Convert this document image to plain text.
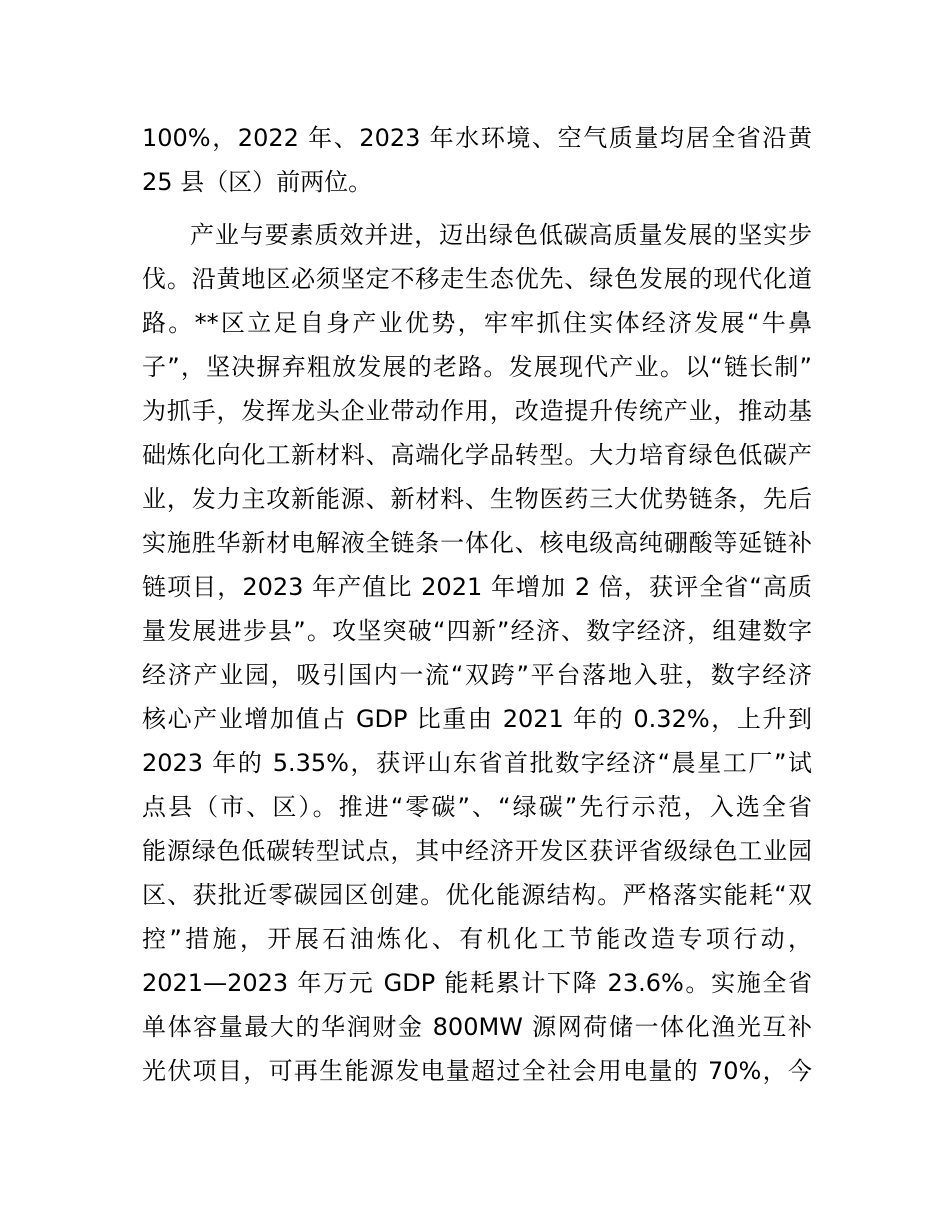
100%，2022 年、2023 年水环境、空气质量均居全省沿黄
25 县（区）前两位。
产业与要素质效并进，迈出绿色低碳高质量发展的坚实步
伐。沿黄地区必须坚定不移走生态优先、绿色发展的现代化道
路。**区立足自身产业优势，牢牢抓住实体经济发展“牛鼻
子”，坚决摒弃粗放发展的老路。发展现代产业。以“链长制”
为抓手，发挥龙头企业带动作用，改造提升传统产业，推动基
础炼化向化工新材料、高端化学品转型。大力培育绿色低碳产
业，发力主攻新能源、新材料、生物医药三大优势链条，先后
实施胜华新材电解液全链条一体化、核电级高纯硼酸等延链补
链项目，2023 年产值比 2021 年增加 2 倍，获评全省“高质
量发展进步县”。攻坚突破“四新”经济、数字经济，组建数字
经济产业园，吸引国内一流“双跨”平台落地入驻，数字经济
核心产业增加值占 GDP 比重由 2021 年的 0.32%，上升到
2023 年的 5.35%，获评山东省首批数字经济“晨星工厂”试
点县（市、区）。推进“零碳”、“绿碳”先行示范，入选全省
能源绿色低碳转型试点，其中经济开发区获评省级绿色工业园
区、获批近零碳园区创建。优化能源结构。严格落实能耗“双
控”措施，开展石油炼化、有机化工节能改造专项行动，
2021—2023 年万元 GDP 能耗累计下降 23.6%。实施全省
单体容量最大的华润财金 800MW 源网荷储一体化渔光互补
光伏项目，可再生能源发电量超过全社会用电量的 70%，今
